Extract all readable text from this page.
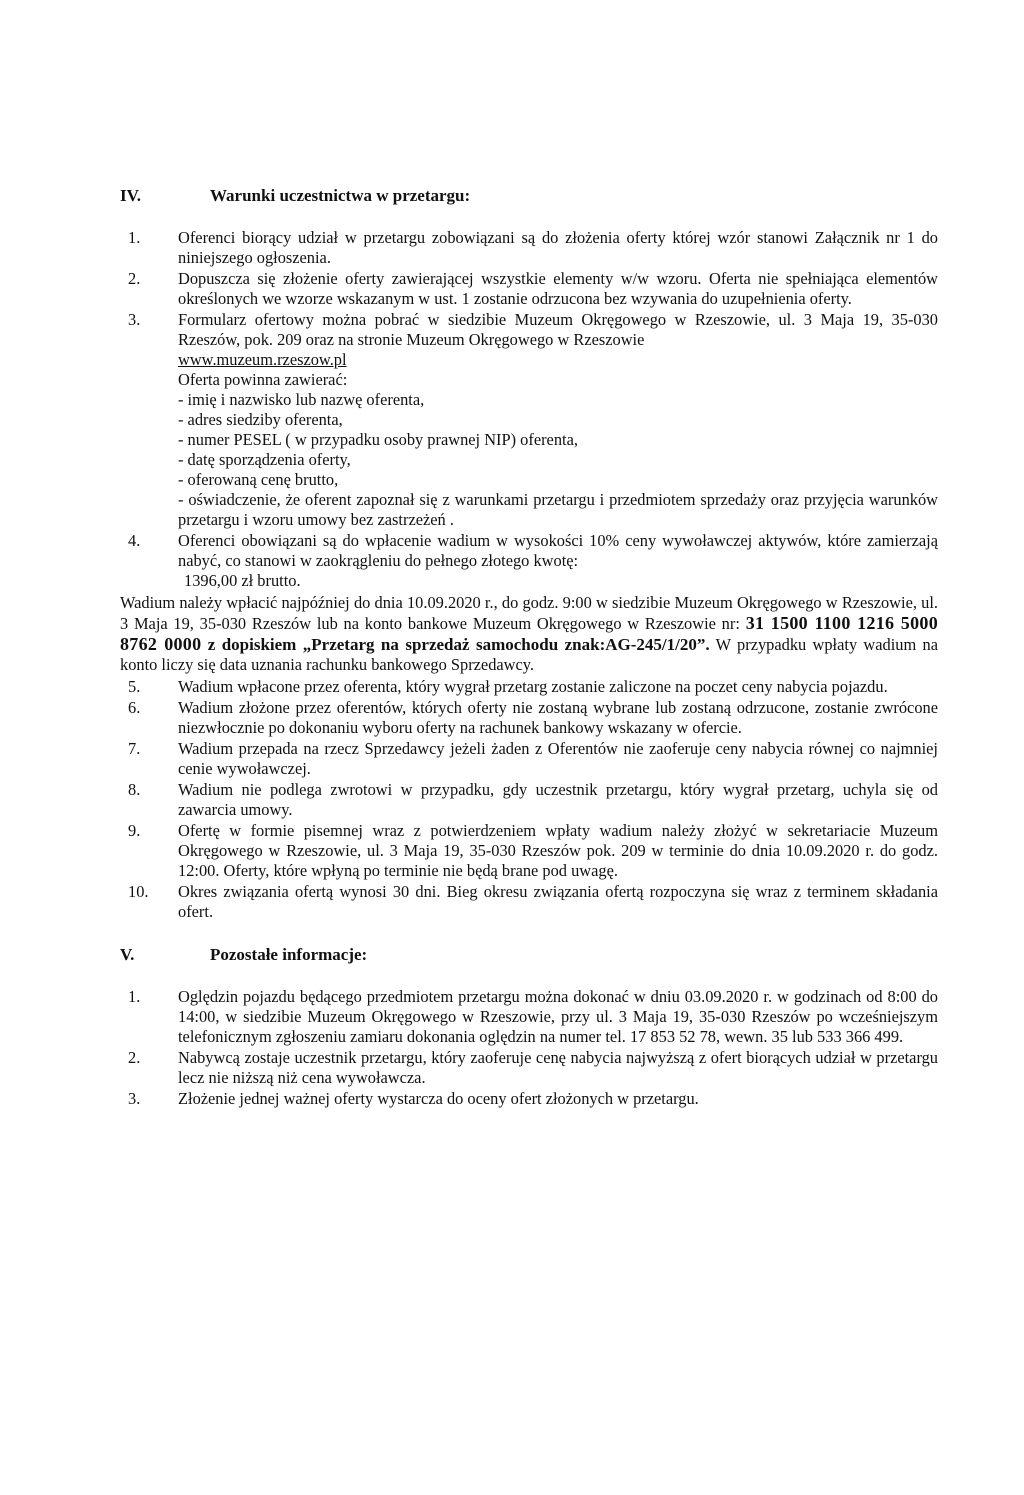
IV.	Warunki uczestnictwa w przetargu:
1.	Oferenci biorący udział w przetargu zobowiązani są do złożenia oferty której wzór stanowi Załącznik nr 1 do niniejszego ogłoszenia.
2.	Dopuszcza się złożenie oferty zawierającej wszystkie elementy w/w wzoru. Oferta nie spełniająca elementów określonych we wzorze wskazanym w ust. 1 zostanie odrzucona bez wzywania do uzupełnienia oferty.
3.	Formularz ofertowy można pobrać w siedzibie Muzeum Okręgowego w Rzeszowie, ul. 3 Maja 19, 35-030 Rzeszów, pok. 209 oraz na stronie Muzeum Okręgowego w Rzeszowie
www.muzeum.rzeszow.pl
Oferta powinna zawierać:
- imię i nazwisko lub nazwę oferenta,
- adres siedziby oferenta,
- numer PESEL ( w przypadku osoby prawnej NIP) oferenta,
- datę sporządzenia oferty,
- oferowaną cenę brutto,
- oświadczenie, że oferent zapoznał się z warunkami przetargu i przedmiotem sprzedaży oraz przyjęcia warunków przetargu i wzoru umowy bez zastrzeżeń .
4.	Oferenci obowiązani są do wpłacenie wadium w wysokości 10% ceny wywoławczej aktywów, które zamierzają nabyć, co stanowi w zaokrągleniu do pełnego złotego kwotę:
1396,00 zł brutto.
Wadium należy wpłacić najpóźniej do dnia 10.09.2020 r., do godz. 9:00 w siedzibie Muzeum Okręgowego w Rzeszowie, ul. 3 Maja 19, 35-030 Rzeszów lub na konto bankowe Muzeum Okręgowego w Rzeszowie nr: 31 1500 1100 1216 5000 8762 0000 z dopiskiem „Przetarg na sprzedaż samochodu znak:AG-245/1/20”. W przypadku wpłaty wadium na konto liczy się data uznania rachunku bankowego Sprzedawcy.
5.	Wadium wpłacone przez oferenta, który wygrał przetarg zostanie zaliczone na poczet ceny nabycia pojazdu.
6.	Wadium złożone przez oferentów, których oferty nie zostaną wybrane lub zostaną odrzucone, zostanie zwrócone niezwłocznie po dokonaniu wyboru oferty na rachunek bankowy wskazany w ofercie.
7.	Wadium przepada na rzecz Sprzedawcy jeżeli żaden z Oferentów nie zaoferuje ceny nabycia równej co najmniej cenie wywoławczej.
8.	Wadium nie podlega zwrotowi w przypadku, gdy uczestnik przetargu, który wygrał przetarg, uchyla się od zawarcia umowy.
9.	Ofertę w formie pisemnej wraz z potwierdzeniem wpłaty wadium należy złożyć w sekretariacie Muzeum Okręgowego w Rzeszowie, ul. 3 Maja 19, 35-030 Rzeszów pok. 209 w terminie do dnia 10.09.2020 r. do godz. 12:00. Oferty, które wpłyną po terminie nie będą brane pod uwagę.
10.	Okres związania ofertą wynosi 30 dni. Bieg okresu związania ofertą rozpoczyna się wraz z terminem składania ofert.
V.	Pozostałe informacje:
1.	Oględzin pojazdu będącego przedmiotem przetargu można dokonać w dniu 03.09.2020 r. w godzinach od 8:00 do 14:00, w siedzibie Muzeum Okręgowego w Rzeszowie, przy ul. 3 Maja 19, 35-030 Rzeszów po wcześniejszym telefonicznym zgłoszeniu zamiaru dokonania oględzin na numer tel. 17 853 52 78, wewn. 35 lub 533 366 499.
2.	Nabywcą zostaje uczestnik przetargu, który zaoferuje cenę nabycia najwyższą z ofert biorących udział w przetargu lecz nie niższą niż cena wywoławcza.
3.	Złożenie jednej ważnej oferty wystarcza do oceny ofert złożonych w przetargu.
